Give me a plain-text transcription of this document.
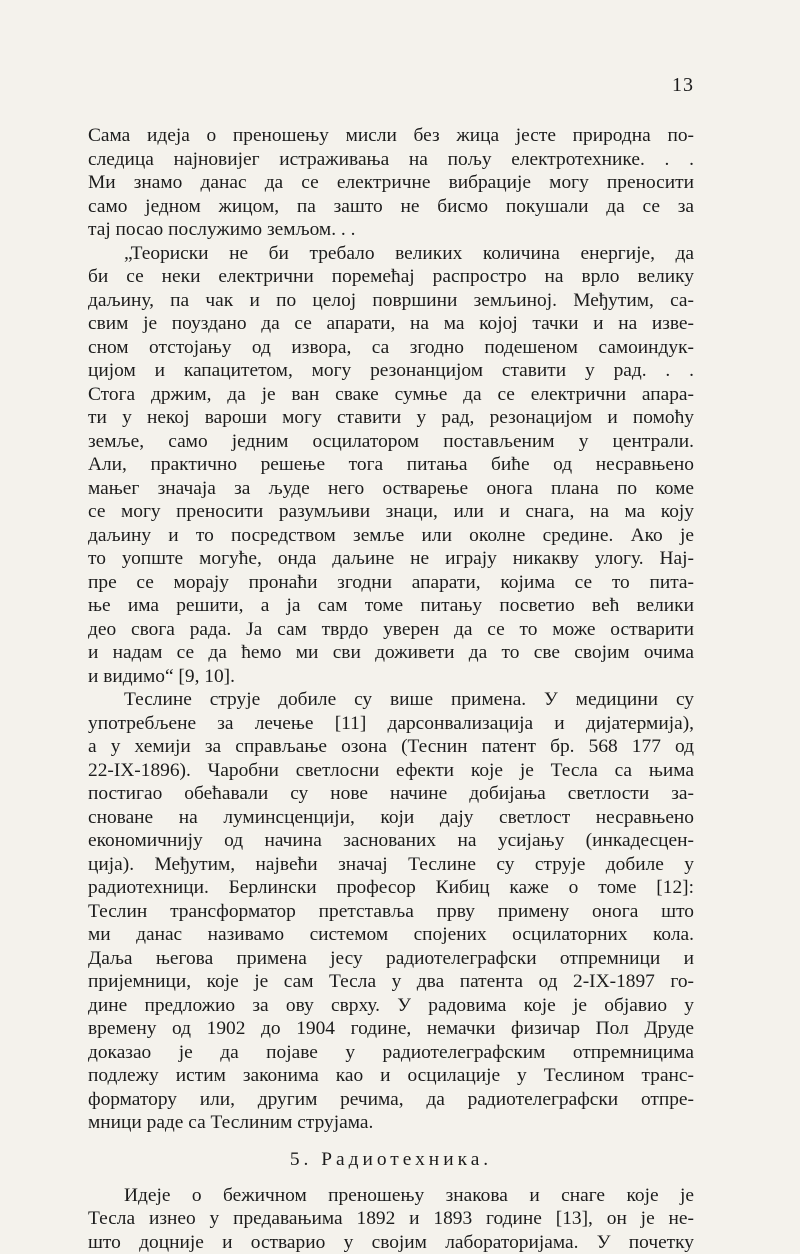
13

Сама идеја о преношењу мисли без жица јесте природна по-
следица најновијег истраживања на пољу електротехнике. . .
Ми знамо данас да се електричне вибрације могу преносити
само једном жицом, па зашто не бисмо покушали да се за
тај посао послужимо земљом. . .

„Теориски не би требало великих количина енергије, да
би се неки електрични поремећај распростро на врло велику
даљину, па чак и по целој површини земљиној. Међутим, са-
свим је поуздано да се апарати, на ма којој тачки и на изве-
сном отстојању од извора, са згодно подешеном самоиндук-
цијом и капацитетом, могу резонанцијом ставити у рад. . .
Стога држим, да је ван сваке сумње да се електрични апара-
ти у некој вароши могу ставити у рад, резонацијом и помоћу
земље, само једним осцилатором постављеним у централи.
Али, практично решење тога питања биће од несравњено
мањег значаја за људе него остварење онога плана по коме
се могу преносити разумљиви знаци, или и снага, на ма коју
даљину и то посредством земље или околне средине. Ако је
то уопште могуће, онда даљине не играју никакву улогу. Нај-
пре се морају пронаћи згодни апарати, којима се то пита-
ње има решити, а ја сам томе питању посветио већ велики
део свога рада. Ја сам тврдо уверен да се то може остварити
и надам се да ћемо ми сви доживети да то све својим очима
и видимо“ [9, 10].

Теслине струје добиле су више примена. У медицини су
употребљене за лечење [11] дарсонвализација и дијатермија),
а у хемији за справљање озона (Теснин патент бр. 568 177 од
22-IX-1896). Чаробни светлосни ефекти које је Тесла са њима
постигао обећавали су нове начине добијања светлости за-
сноване на луминсценцији, који дају светлост несравњено
економичнију од начина заснованих на усијању (инкадесцен-
ција). Међутим, највећи значај Теслине су струје добиле у
радиотехници. Берлински професор Кибиц каже о томе [12]:
Теслин трансформатор претставља прву примену онога што
ми данас називамо системом спојених осцилаторних кола.
Даља његова примена јесу радиотелеграфски отпремници и
пријемници, које је сам Тесла у два патента од 2-IX-1897 го-
дине предложио за ову сврху. У радовима које је објавио у
времену од 1902 до 1904 године, немачки физичар Пол Друде
доказао је да појаве у радиотелеграфским отпремницима
подлежу истим законима као и осцилације у Теслином транс-
форматору или, другим речима, да радиотелеграфски отпре-
мници раде са Теслиним струјама.

5. Радиотехника.

Идеје о бежичном преношењу знакова и снаге које је
Тесла изнео у предавањима 1892 и 1893 године [13], он је не-
што доцније и остварио у својим лабораторијама. У почетку
